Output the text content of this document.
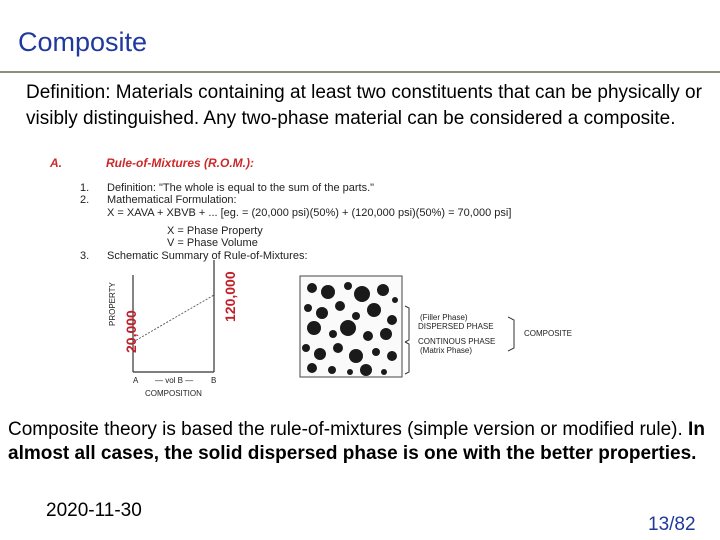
Composite
Definition: Materials containing at least two constituents that can be physically or visibly distinguished. Any two-phase material can be considered a composite.
A.	Rule-of-Mixtures (R.O.M.):
1. Definition: "The whole is equal to the sum of the parts."
2. Mathematical Formulation:
X = XAVA + XBVB + ... [eg. = (20,000 psi)(50%) + (120,000 psi)(50%) = 70,000 psi]
X = Phase Property
V = Phase Volume
3. Schematic Summary of Rule-of-Mixtures:
PROPERTY
20,000
120,000
A — vol B — B
COMPOSITION
(Filler Phase)
DISPERSED PHASE
CONTINOUS PHASE
(Matrix Phase)
COMPOSITE
Composite theory is based the rule-of-mixtures (simple version or modified rule). In almost all cases, the solid dispersed phase is one with the better properties.
2020-11-30
13/82
